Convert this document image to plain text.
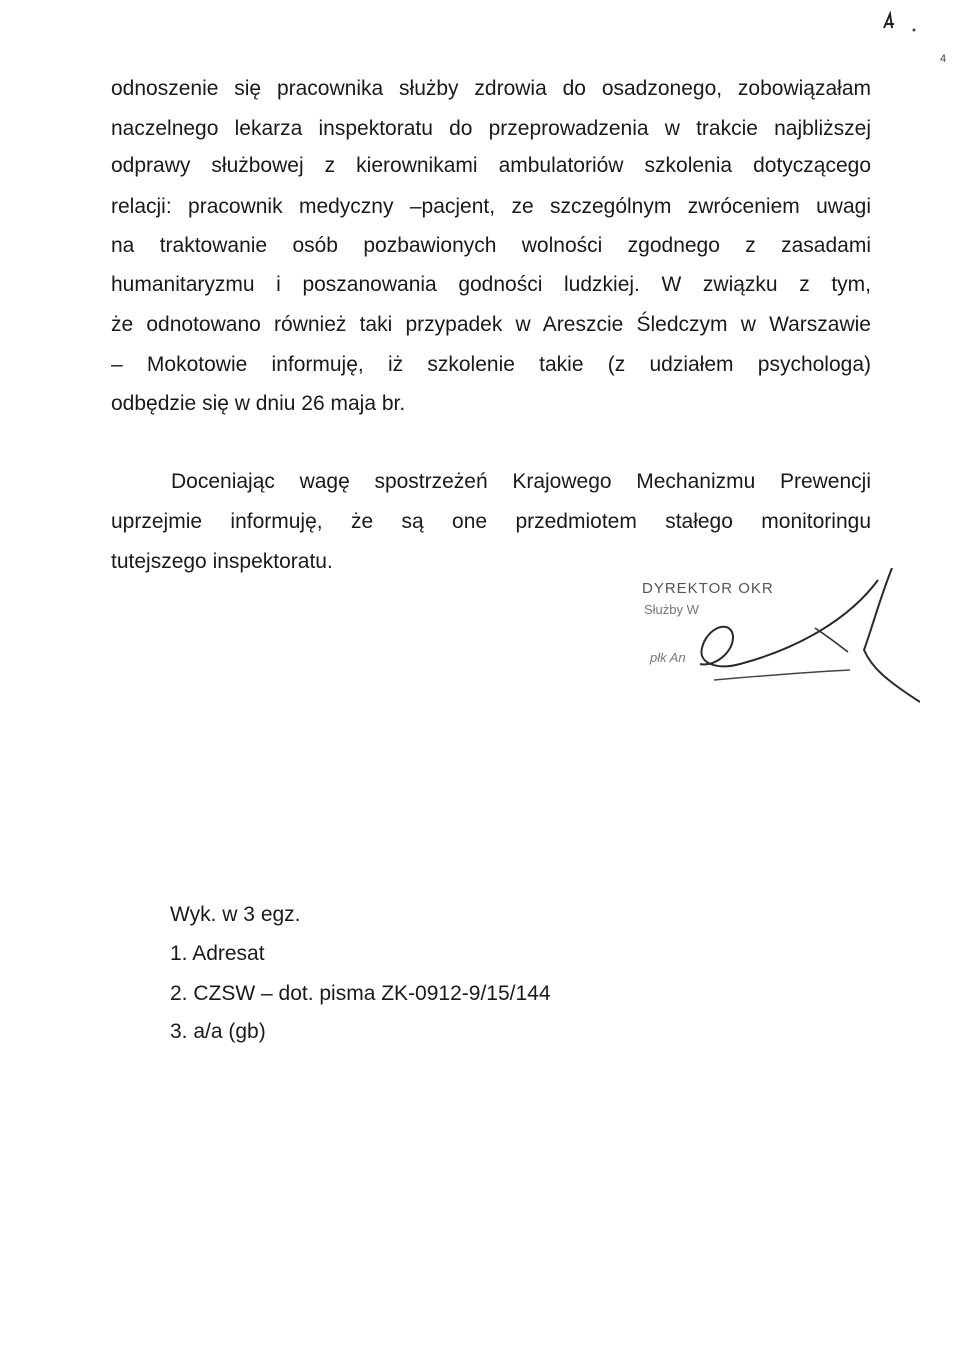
4
odnoszenie się pracownika służby zdrowia do osadzonego, zobowiązałam
naczelnego lekarza inspektoratu do przeprowadzenia w trakcie najbliższej
odprawy służbowej z kierownikami ambulatoriów szkolenia dotyczącego
relacji: pracownik medyczny –pacjent, ze szczególnym zwróceniem uwagi
na traktowanie osób pozbawionych wolności zgodnego z zasadami
humanitaryzmu i poszanowania godności ludzkiej. W związku z tym,
że odnotowano również taki przypadek w Areszcie Śledczym w Warszawie
– Mokotowie informuję, iż szkolenie takie (z udziałem psychologa)
odbędzie się w dniu 26 maja br.
Doceniając wagę spostrzeżeń Krajowego Mechanizmu Prewencji
uprzejmie informuję, że są one przedmiotem stałego monitoringu
tutejszego inspektoratu.
DYREKTOR OKR
Służby W
płk An
Wyk. w 3 egz.
1. Adresat
2. CZSW – dot. pisma ZK-0912-9/15/144
3. a/a (gb)
